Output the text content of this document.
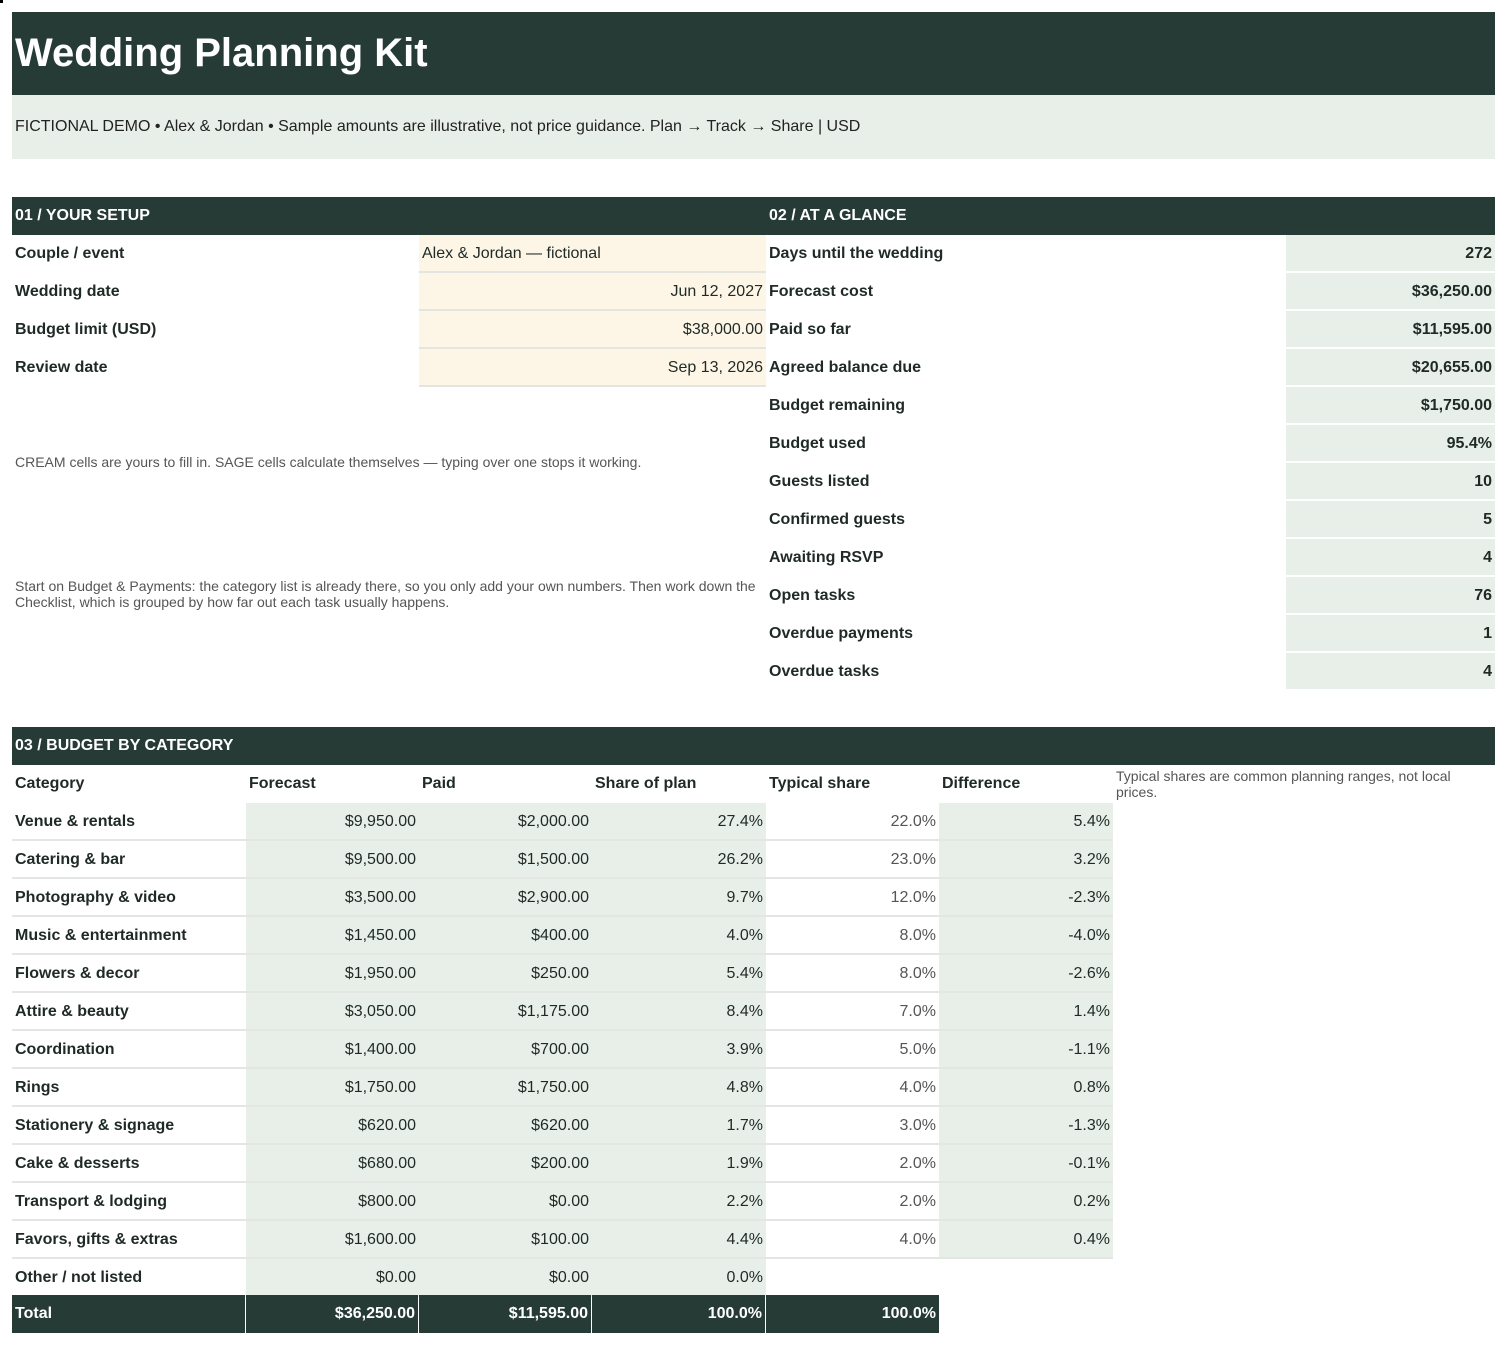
Wedding Planning Kit
FICTIONAL DEMO • Alex & Jordan • Sample amounts are illustrative, not price guidance. Plan → Track → Share | USD
01 / YOUR SETUP	02 / AT A GLANCE
Couple / event	Alex & Jordan — fictional
Wedding date	Jun 12, 2027
Budget limit (USD)	$38,000.00
Review date	Sep 13, 2026
CREAM cells are yours to fill in. SAGE cells calculate themselves — typing over one stops it working.
Start on Budget & Payments: the category list is already there, so you only add your own numbers. Then work down the Checklist, which is grouped by how far out each task usually happens.
Days until the wedding	272
Forecast cost	$36,250.00
Paid so far	$11,595.00
Agreed balance due	$20,655.00
Budget remaining	$1,750.00
Budget used	95.4%
Guests listed	10
Confirmed guests	5
Awaiting RSVP	4
Open tasks	76
Overdue payments	1
Overdue tasks	4
03 / BUDGET BY CATEGORY
Typical shares are common planning ranges, not local prices.
Category	Forecast	Paid	Share of plan	Typical share	Difference
Venue & rentals	$9,950.00	$2,000.00	27.4%	22.0%	5.4%
Catering & bar	$9,500.00	$1,500.00	26.2%	23.0%	3.2%
Photography & video	$3,500.00	$2,900.00	9.7%	12.0%	-2.3%
Music & entertainment	$1,450.00	$400.00	4.0%	8.0%	-4.0%
Flowers & decor	$1,950.00	$250.00	5.4%	8.0%	-2.6%
Attire & beauty	$3,050.00	$1,175.00	8.4%	7.0%	1.4%
Coordination	$1,400.00	$700.00	3.9%	5.0%	-1.1%
Rings	$1,750.00	$1,750.00	4.8%	4.0%	0.8%
Stationery & signage	$620.00	$620.00	1.7%	3.0%	-1.3%
Cake & desserts	$680.00	$200.00	1.9%	2.0%	-0.1%
Transport & lodging	$800.00	$0.00	2.2%	2.0%	0.2%
Favors, gifts & extras	$1,600.00	$100.00	4.4%	4.0%	0.4%
Other / not listed	$0.00	$0.00	0.0%
Total	$36,250.00	$11,595.00	100.0%	100.0%
